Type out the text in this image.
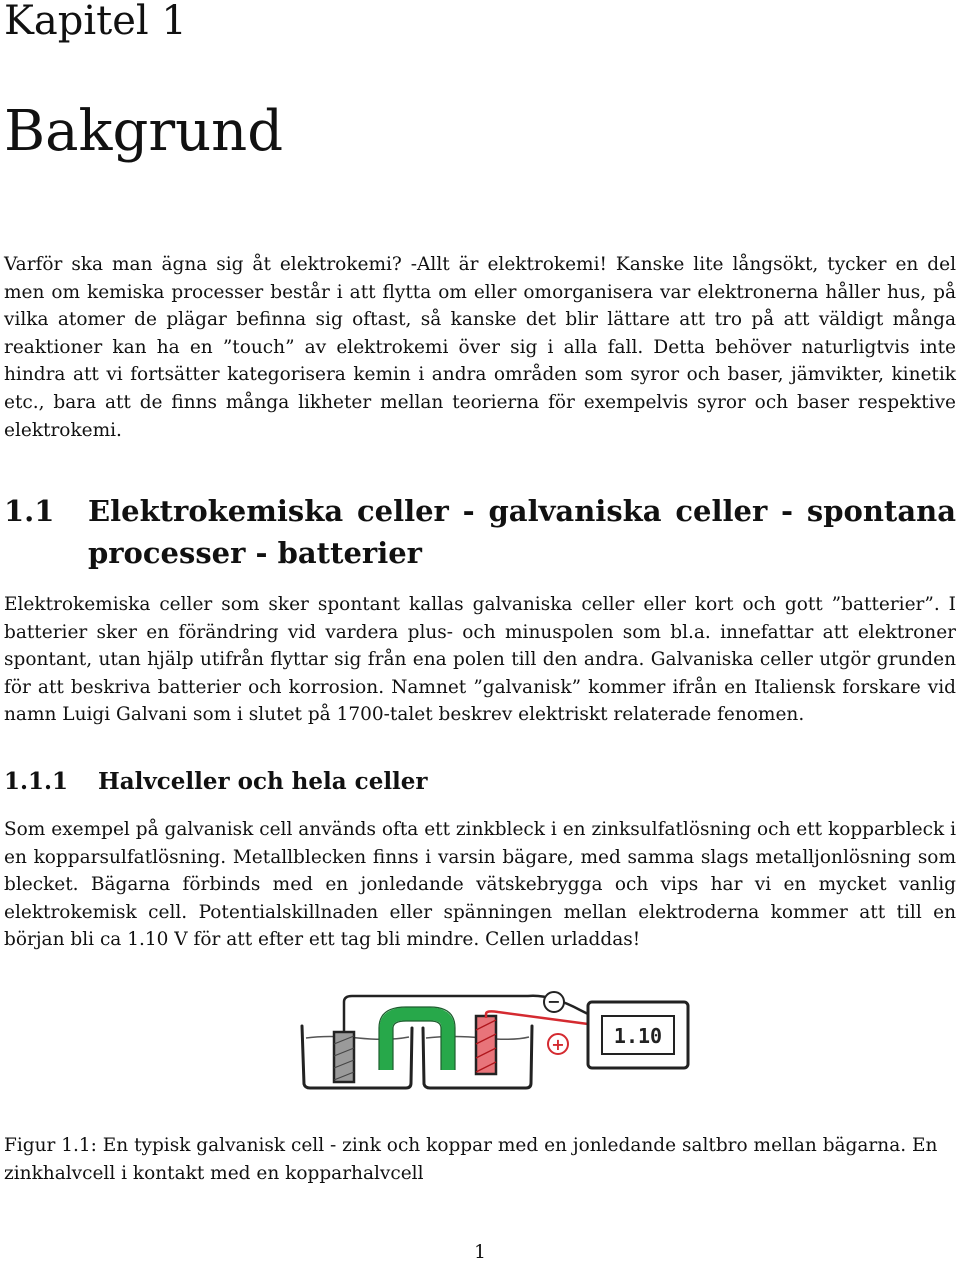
Kapitel 1
Bakgrund

Varför ska man ägna sig åt elektrokemi? -Allt är elektrokemi! Kanske lite långsökt, tycker en del men om kemiska processer består i att flytta om eller omorganisera var elektronerna håller hus, på vilka atomer de plägar befinna sig oftast, så kanske det blir lättare att tro på att väldigt många reaktioner kan ha en ”touch” av elektrokemi över sig i alla fall. Detta behöver naturligtvis inte hindra att vi fortsätter kategorisera kemin i andra områden som syror och baser, jämvikter, kinetik etc., bara att de finns många likheter mellan teorierna för exempelvis syror och baser respektive elektrokemi.

1.1 Elektrokemiska celler - galvaniska celler - spontana processer - batterier

Elektrokemiska celler som sker spontant kallas galvaniska celler eller kort och gott ”batterier”. I batterier sker en förändring vid vardera plus- och minuspolen som bl.a. innefattar att elektroner spontant, utan hjälp utifrån flyttar sig från ena polen till den andra. Galvaniska celler utgör grunden för att beskriva batterier och korrosion. Namnet ”galvanisk” kommer ifrån en Italiensk forskare vid namn Luigi Galvani som i slutet på 1700-talet beskrev elektriskt relaterade fenomen.

1.1.1 Halvceller och hela celler

Som exempel på galvanisk cell används ofta ett zinkbleck i en zinksulfatlösning och ett kopparbleck i en kopparsulfatlösning. Metallblecken finns i varsin bägare, med samma slags metalljonlösning som blecket. Bägarna förbinds med en jonledande vätskebrygga och vips har vi en mycket vanlig elektrokemisk cell. Potentialskillnaden eller spänningen mellan elektroderna kommer att till en början bli ca 1.10 V för att efter ett tag bli mindre. Cellen urladdas!

−
+ 1.10

Figur 1.1: En typisk galvanisk cell - zink och koppar med en jonledande saltbro mellan bägarna. En zinkhalvcell i kontakt med en kopparhalvcell

1
